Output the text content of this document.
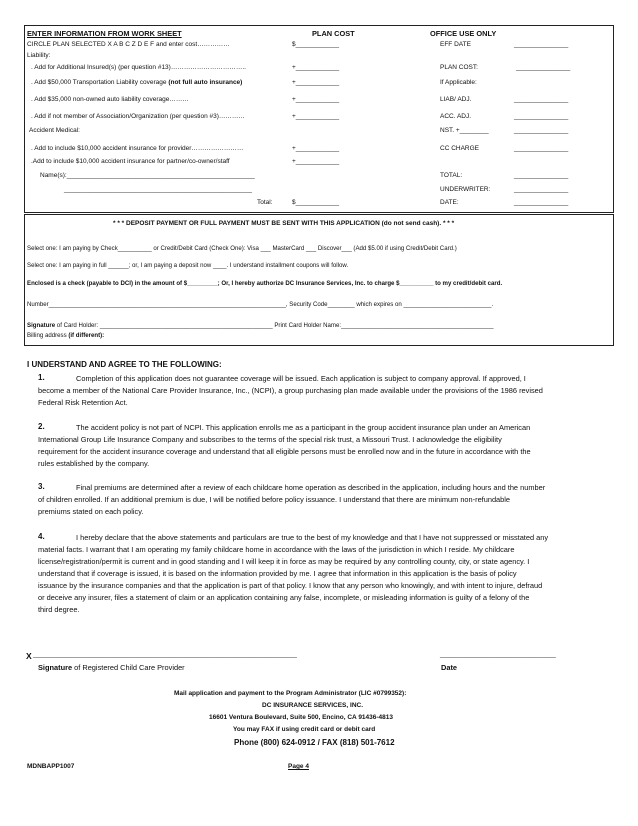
ENTER INFORMATION FROM WORK SHEET	PLAN COST	OFFICE USE ONLY
CIRCLE PLAN SELECTED X A B C Z D E F and enter cost……………	$____________	EFF DATE	_______________
Liability:
. Add for Additional Insured(s) (per question #13)……………………………..	+____________	PLAN COST:	_______________
. Add $50,000 Transportation Liability coverage (not full auto insurance)	+____________	If Applicable:
. Add $35,000 non-owned auto liability coverage………	+____________	LIAB/ ADJ.	_______________
. Add if not member of Association/Organization (per question #3)…………	+____________	ACC. ADJ.	_______________
Accident Medical:	NST. +________	_______________
. Add to include $10,000 accident insurance for provider……………………	+____________	CC CHARGE	_______________
.Add to include $10,000 accident insurance for partner/co-owner/staff	+____________
Name(s):____________________________________________________	TOTAL:	_______________
____________________________________________________	UNDERWRITER:	_______________
Total:	$____________	DATE:	_______________
* * * DEPOSIT PAYMENT OR FULL PAYMENT MUST BE SENT WITH THIS APPLICATION (do not send cash). * * *
Select one: I am paying by Check__________ or Credit/Debit Card (Check One): Visa ___ MasterCard ___ Discover___ (Add $5.00 if using Credit/Debit Card.)
Select one: I am paying in full ______; or, I am paying a deposit now ____. I understand installment coupons will follow.
Enclosed is a check (payable to DCI) in the amount of $_________; Or, I hereby authorize DC Insurance Services, Inc. to charge $__________ to my credit/debit card.
Number______________________________________________________________________, Security Code________ which expires on __________________________.
Signature of Card Holder: ___________________________________________________ Print Card Holder Name:_____________________________________________
Billing address (if different):
I UNDERSTAND AND AGREE TO THE FOLLOWING:
1.	Completion of this application does not guarantee coverage will be issued. Each application is subject to company approval. If approved, I
become a member of the National Care Provider Insurance, Inc., (NCPI), a group purchasing plan made available under the provisions of the 1986 revised
Federal Risk Retention Act.
2.	The accident policy is not part of NCPI. This application enrolls me as a participant in the group accident insurance plan under an American
International Group Life Insurance Company and subscribes to the terms of the special risk trust, a Missouri Trust. I acknowledge the eligibility
requirement for the accident insurance coverage and understand that all eligible persons must be enrolled now and in the future in accordance with the
rules established by the company.
3.	Final premiums are determined after a review of each childcare home operation as described in the application, including hours and the number
of children enrolled. If an additional premium is due, I will be notified before policy issuance. I understand that there are minimum non-refundable
premiums stated on each policy.
4.	I hereby declare that the above statements and particulars are true to the best of my knowledge and that I have not suppressed or misstated any
material facts. I warrant that I am operating my family childcare home in accordance with the laws of the jurisdiction in which I reside. My childcare
license/registration/permit is current and in good standing and I will keep it in force as may be required by any controlling county, city, or state agency. I
understand that if coverage is issued, it is based on the information provided by me. I agree that information in this application is the basis of policy
issuance by the insurance companies and that the application is part of that policy. I know that any person who knowingly, and with intent to injure, defraud
or deceive any insurer, files a statement of claim or an application containing any false, incomplete, or misleading information is guilty of a felony of the
third degree.
X _________________________________________________________________________	________________________________
Signature of Registered Child Care Provider	Date
Mail application and payment to the Program Administrator (LIC #0799352):
DC INSURANCE SERVICES, INC.
16601 Ventura Boulevard, Suite 500, Encino, CA 91436-4813
You may FAX if using credit card or debit card
Phone (800) 624-0912 / FAX (818) 501-7612
MDNBAPP1007	Page 4
